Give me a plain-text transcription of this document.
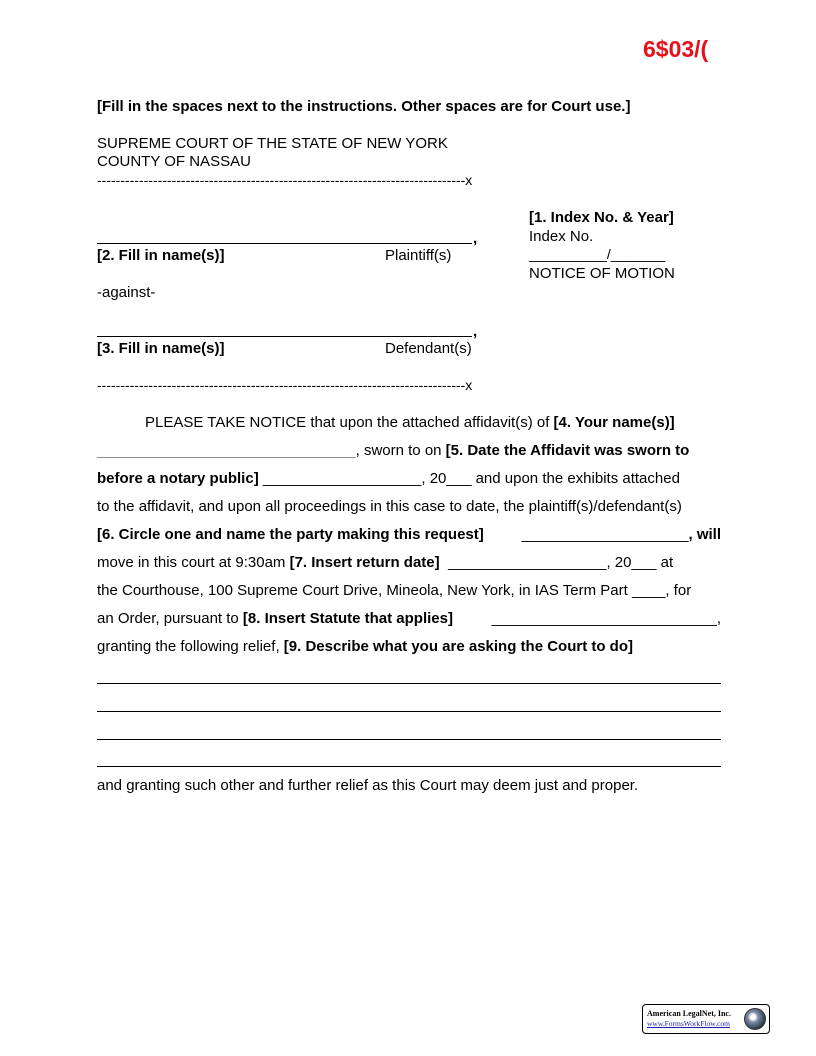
6$03/(
[Fill in the spaces next to the instructions. Other spaces are for Court use.]
SUPREME COURT OF THE STATE OF NEW YORK
COUNTY OF NASSAU
-------------------------------------------------------------------------------x
,
[2. Fill in name(s)]	Plaintiff(s)
-against-
,
[3. Fill in name(s)]	Defendant(s)
[1. Index No. & Year]
Index No.
__________/_______
NOTICE OF MOTION
-------------------------------------------------------------------------------x
PLEASE TAKE NOTICE that upon the attached affidavit(s) of [4. Your name(s)]
_______________________________, sworn to on [5. Date the Affidavit was sworn to
before a notary public] ___________________, 20___ and upon the exhibits attached
to the affidavit, and upon all proceedings in this case to date, the plaintiff(s)/defendant(s)
[6. Circle one and name the party making this request]	____________________, will
move in this court at 9:30am [7. Insert return date]  ___________________, 20___ at
the Courthouse, 100 Supreme Court Drive, Mineola, New York, in IAS Term Part ____, for
an Order, pursuant to [8. Insert Statute that applies]	___________________________,
granting the following relief, [9. Describe what you are asking the Court to do]
and granting such other and further relief as this Court may deem just and proper.
American LegalNet, Inc.
www.FormsWorkFlow.com
